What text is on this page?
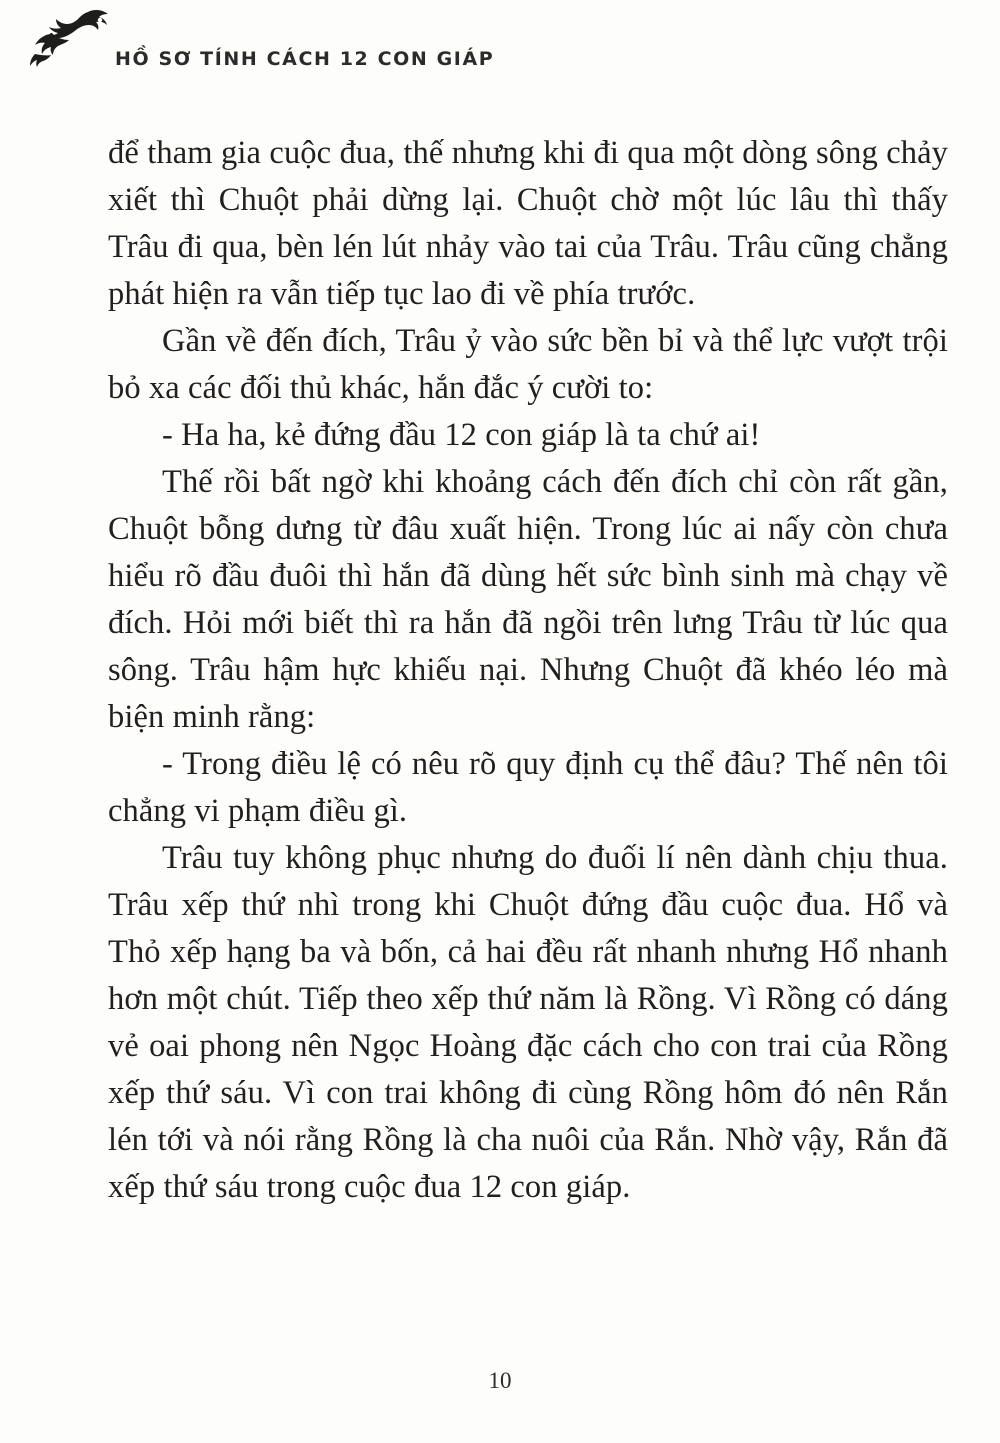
HỒ SƠ TÍNH CÁCH 12 CON GIÁP

để tham gia cuộc đua, thế nhưng khi đi qua một dòng sông chảy xiết thì Chuột phải dừng lại. Chuột chờ một lúc lâu thì thấy Trâu đi qua, bèn lén lút nhảy vào tai của Trâu. Trâu cũng chẳng phát hiện ra vẫn tiếp tục lao đi về phía trước.

Gần về đến đích, Trâu ỷ vào sức bền bỉ và thể lực vượt trội bỏ xa các đối thủ khác, hắn đắc ý cười to:

- Ha ha, kẻ đứng đầu 12 con giáp là ta chứ ai!

Thế rồi bất ngờ khi khoảng cách đến đích chỉ còn rất gần, Chuột bỗng dưng từ đâu xuất hiện. Trong lúc ai nấy còn chưa hiểu rõ đầu đuôi thì hắn đã dùng hết sức bình sinh mà chạy về đích. Hỏi mới biết thì ra hắn đã ngồi trên lưng Trâu từ lúc qua sông. Trâu hậm hực khiếu nại. Nhưng Chuột đã khéo léo mà biện minh rằng:

- Trong điều lệ có nêu rõ quy định cụ thể đâu? Thế nên tôi chẳng vi phạm điều gì.

Trâu tuy không phục nhưng do đuối lí nên dành chịu thua. Trâu xếp thứ nhì trong khi Chuột đứng đầu cuộc đua. Hổ và Thỏ xếp hạng ba và bốn, cả hai đều rất nhanh nhưng Hổ nhanh hơn một chút. Tiếp theo xếp thứ năm là Rồng. Vì Rồng có dáng vẻ oai phong nên Ngọc Hoàng đặc cách cho con trai của Rồng xếp thứ sáu. Vì con trai không đi cùng Rồng hôm đó nên Rắn lén tới và nói rằng Rồng là cha nuôi của Rắn. Nhờ vậy, Rắn đã xếp thứ sáu trong cuộc đua 12 con giáp.

10
